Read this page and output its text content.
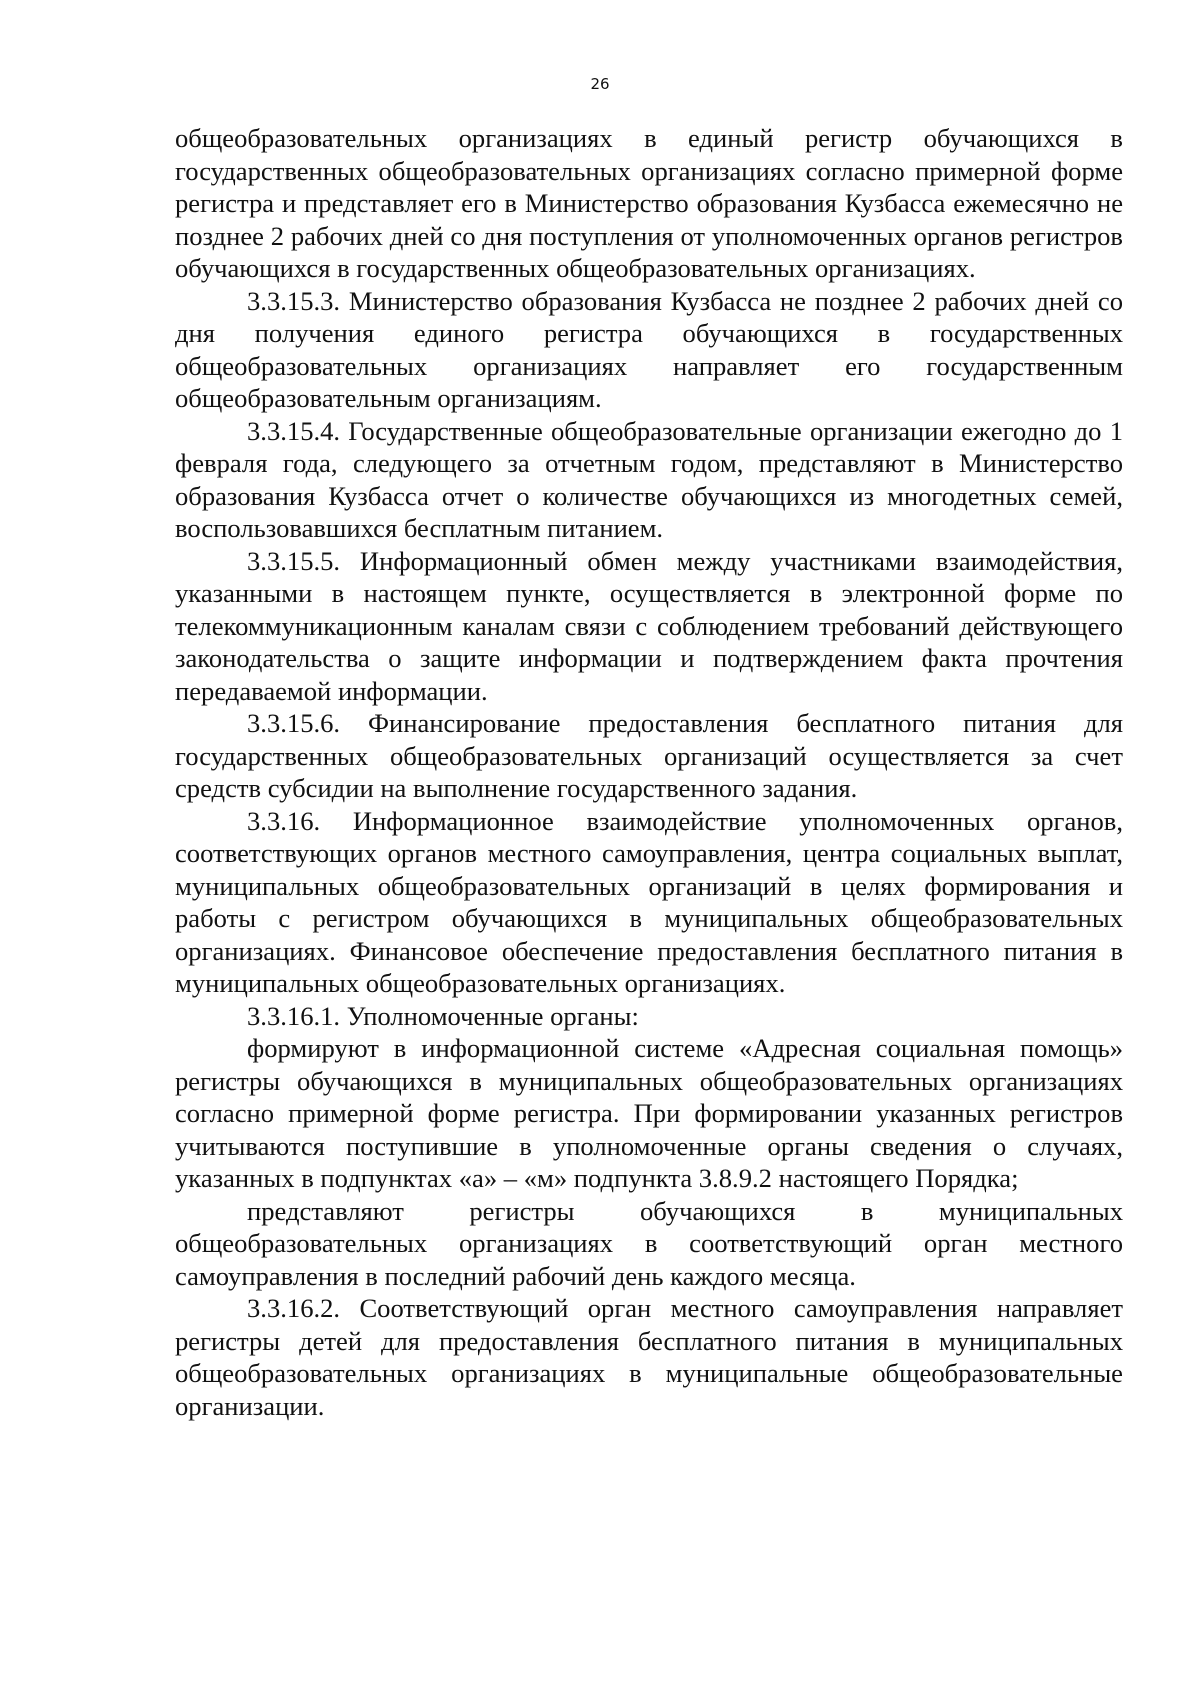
26

общеобразовательных организациях в единый регистр обучающихся в государственных общеобразовательных организациях согласно примерной форме регистра и представляет его в Министерство образования Кузбасса ежемесячно не позднее 2 рабочих дней со дня поступления от уполномоченных органов регистров обучающихся в государственных общеобразовательных организациях.

3.3.15.3. Министерство образования Кузбасса не позднее 2 рабочих дней со дня получения единого регистра обучающихся в государственных общеобразовательных организациях направляет его государственным общеобразовательным организациям.

3.3.15.4. Государственные общеобразовательные организации ежегодно до 1 февраля года, следующего за отчетным годом, представляют в Министерство образования Кузбасса отчет о количестве обучающихся из многодетных семей, воспользовавшихся бесплатным питанием.

3.3.15.5. Информационный обмен между участниками взаимодействия, указанными в настоящем пункте, осуществляется в электронной форме по телекоммуникационным каналам связи с соблюдением требований действующего законодательства о защите информации и подтверждением факта прочтения передаваемой информации.

3.3.15.6. Финансирование предоставления бесплатного питания для государственных общеобразовательных организаций осуществляется за счет средств субсидии на выполнение государственного задания.

3.3.16. Информационное взаимодействие уполномоченных органов, соответствующих органов местного самоуправления, центра социальных выплат, муниципальных общеобразовательных организаций в целях формирования и работы с регистром обучающихся в муниципальных общеобразовательных организациях. Финансовое обеспечение предоставления бесплатного питания в муниципальных общеобразовательных организациях.

3.3.16.1. Уполномоченные органы:

формируют в информационной системе «Адресная социальная помощь» регистры обучающихся в муниципальных общеобразовательных организациях согласно примерной форме регистра. При формировании указанных регистров учитываются поступившие в уполномоченные органы сведения о случаях, указанных в подпунктах «а» – «м» подпункта 3.8.9.2 настоящего Порядка;

представляют регистры обучающихся в муниципальных общеобразовательных организациях в соответствующий орган местного самоуправления в последний рабочий день каждого месяца.

3.3.16.2. Соответствующий орган местного самоуправления направляет регистры детей для предоставления бесплатного питания в муниципальных общеобразовательных организациях в муниципальные общеобразовательные организации.
